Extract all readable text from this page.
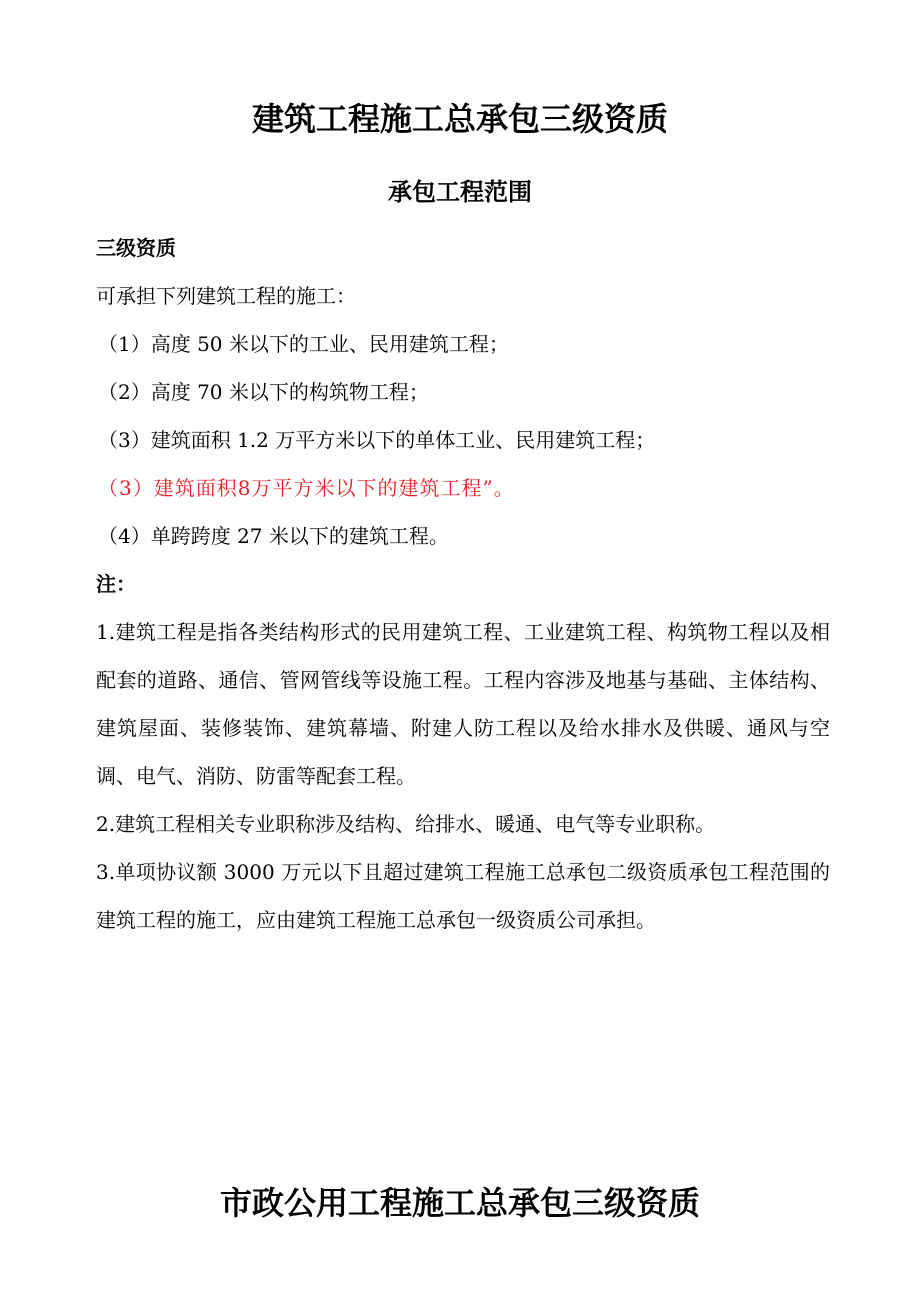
建筑工程施工总承包三级资质
承包工程范围

三级资质

可承担下列建筑工程的施工：

（1）高度 50 米以下的工业、民用建筑工程；

（2）高度 70 米以下的构筑物工程；

（3）建筑面积 1.2 万平方米以下的单体工业、民用建筑工程；

（3）建筑面积8万平方米以下的建筑工程”。

（4）单跨跨度 27 米以下的建筑工程。

注：

1.建筑工程是指各类结构形式的民用建筑工程、工业建筑工程、构筑物工程以及相配套的道路、通信、管网管线等设施工程。工程内容涉及地基与基础、主体结构、建筑屋面、装修装饰、建筑幕墙、附建人防工程以及给水排水及供暖、通风与空调、电气、消防、防雷等配套工程。

2.建筑工程相关专业职称涉及结构、给排水、暖通、电气等专业职称。

3.单项协议额 3000 万元以下且超过建筑工程施工总承包二级资质承包工程范围的建筑工程的施工，应由建筑工程施工总承包一级资质公司承担。

市政公用工程施工总承包三级资质
